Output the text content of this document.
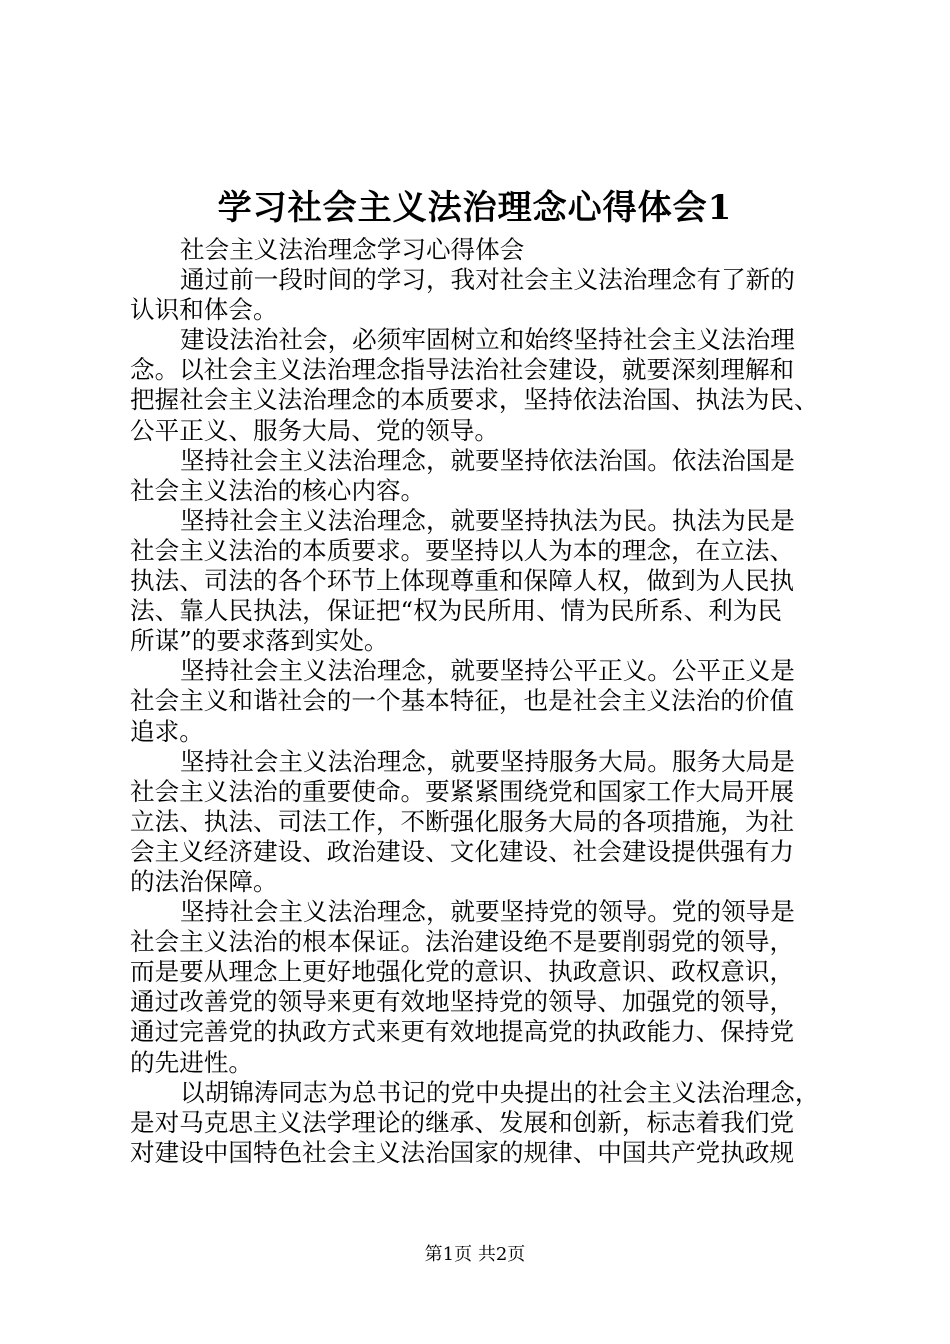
学习社会主义法治理念心得体会1
社会主义法治理念学习心得体会
通过前一段时间的学习，我对社会主义法治理念有了新的
认识和体会。
建设法治社会，必须牢固树立和始终坚持社会主义法治理
念。以社会主义法治理念指导法治社会建设，就要深刻理解和
把握社会主义法治理念的本质要求，坚持依法治国、执法为民、
公平正义、服务大局、党的领导。
坚持社会主义法治理念，就要坚持依法治国。依法治国是
社会主义法治的核心内容。
坚持社会主义法治理念，就要坚持执法为民。执法为民是
社会主义法治的本质要求。要坚持以人为本的理念，在立法、
执法、司法的各个环节上体现尊重和保障人权，做到为人民执
法、靠人民执法，保证把“权为民所用、情为民所系、利为民
所谋”的要求落到实处。
坚持社会主义法治理念，就要坚持公平正义。公平正义是
社会主义和谐社会的一个基本特征，也是社会主义法治的价值
追求。
坚持社会主义法治理念，就要坚持服务大局。服务大局是
社会主义法治的重要使命。要紧紧围绕党和国家工作大局开展
立法、执法、司法工作，不断强化服务大局的各项措施，为社
会主义经济建设、政治建设、文化建设、社会建设提供强有力
的法治保障。
坚持社会主义法治理念，就要坚持党的领导。党的领导是
社会主义法治的根本保证。法治建设绝不是要削弱党的领导，
而是要从理念上更好地强化党的意识、执政意识、政权意识，
通过改善党的领导来更有效地坚持党的领导、加强党的领导，
通过完善党的执政方式来更有效地提高党的执政能力、保持党
的先进性。
以胡锦涛同志为总书记的党中央提出的社会主义法治理念，
是对马克思主义法学理论的继承、发展和创新，标志着我们党
对建设中国特色社会主义法治国家的规律、中国共产党执政规
第1页 共2页
